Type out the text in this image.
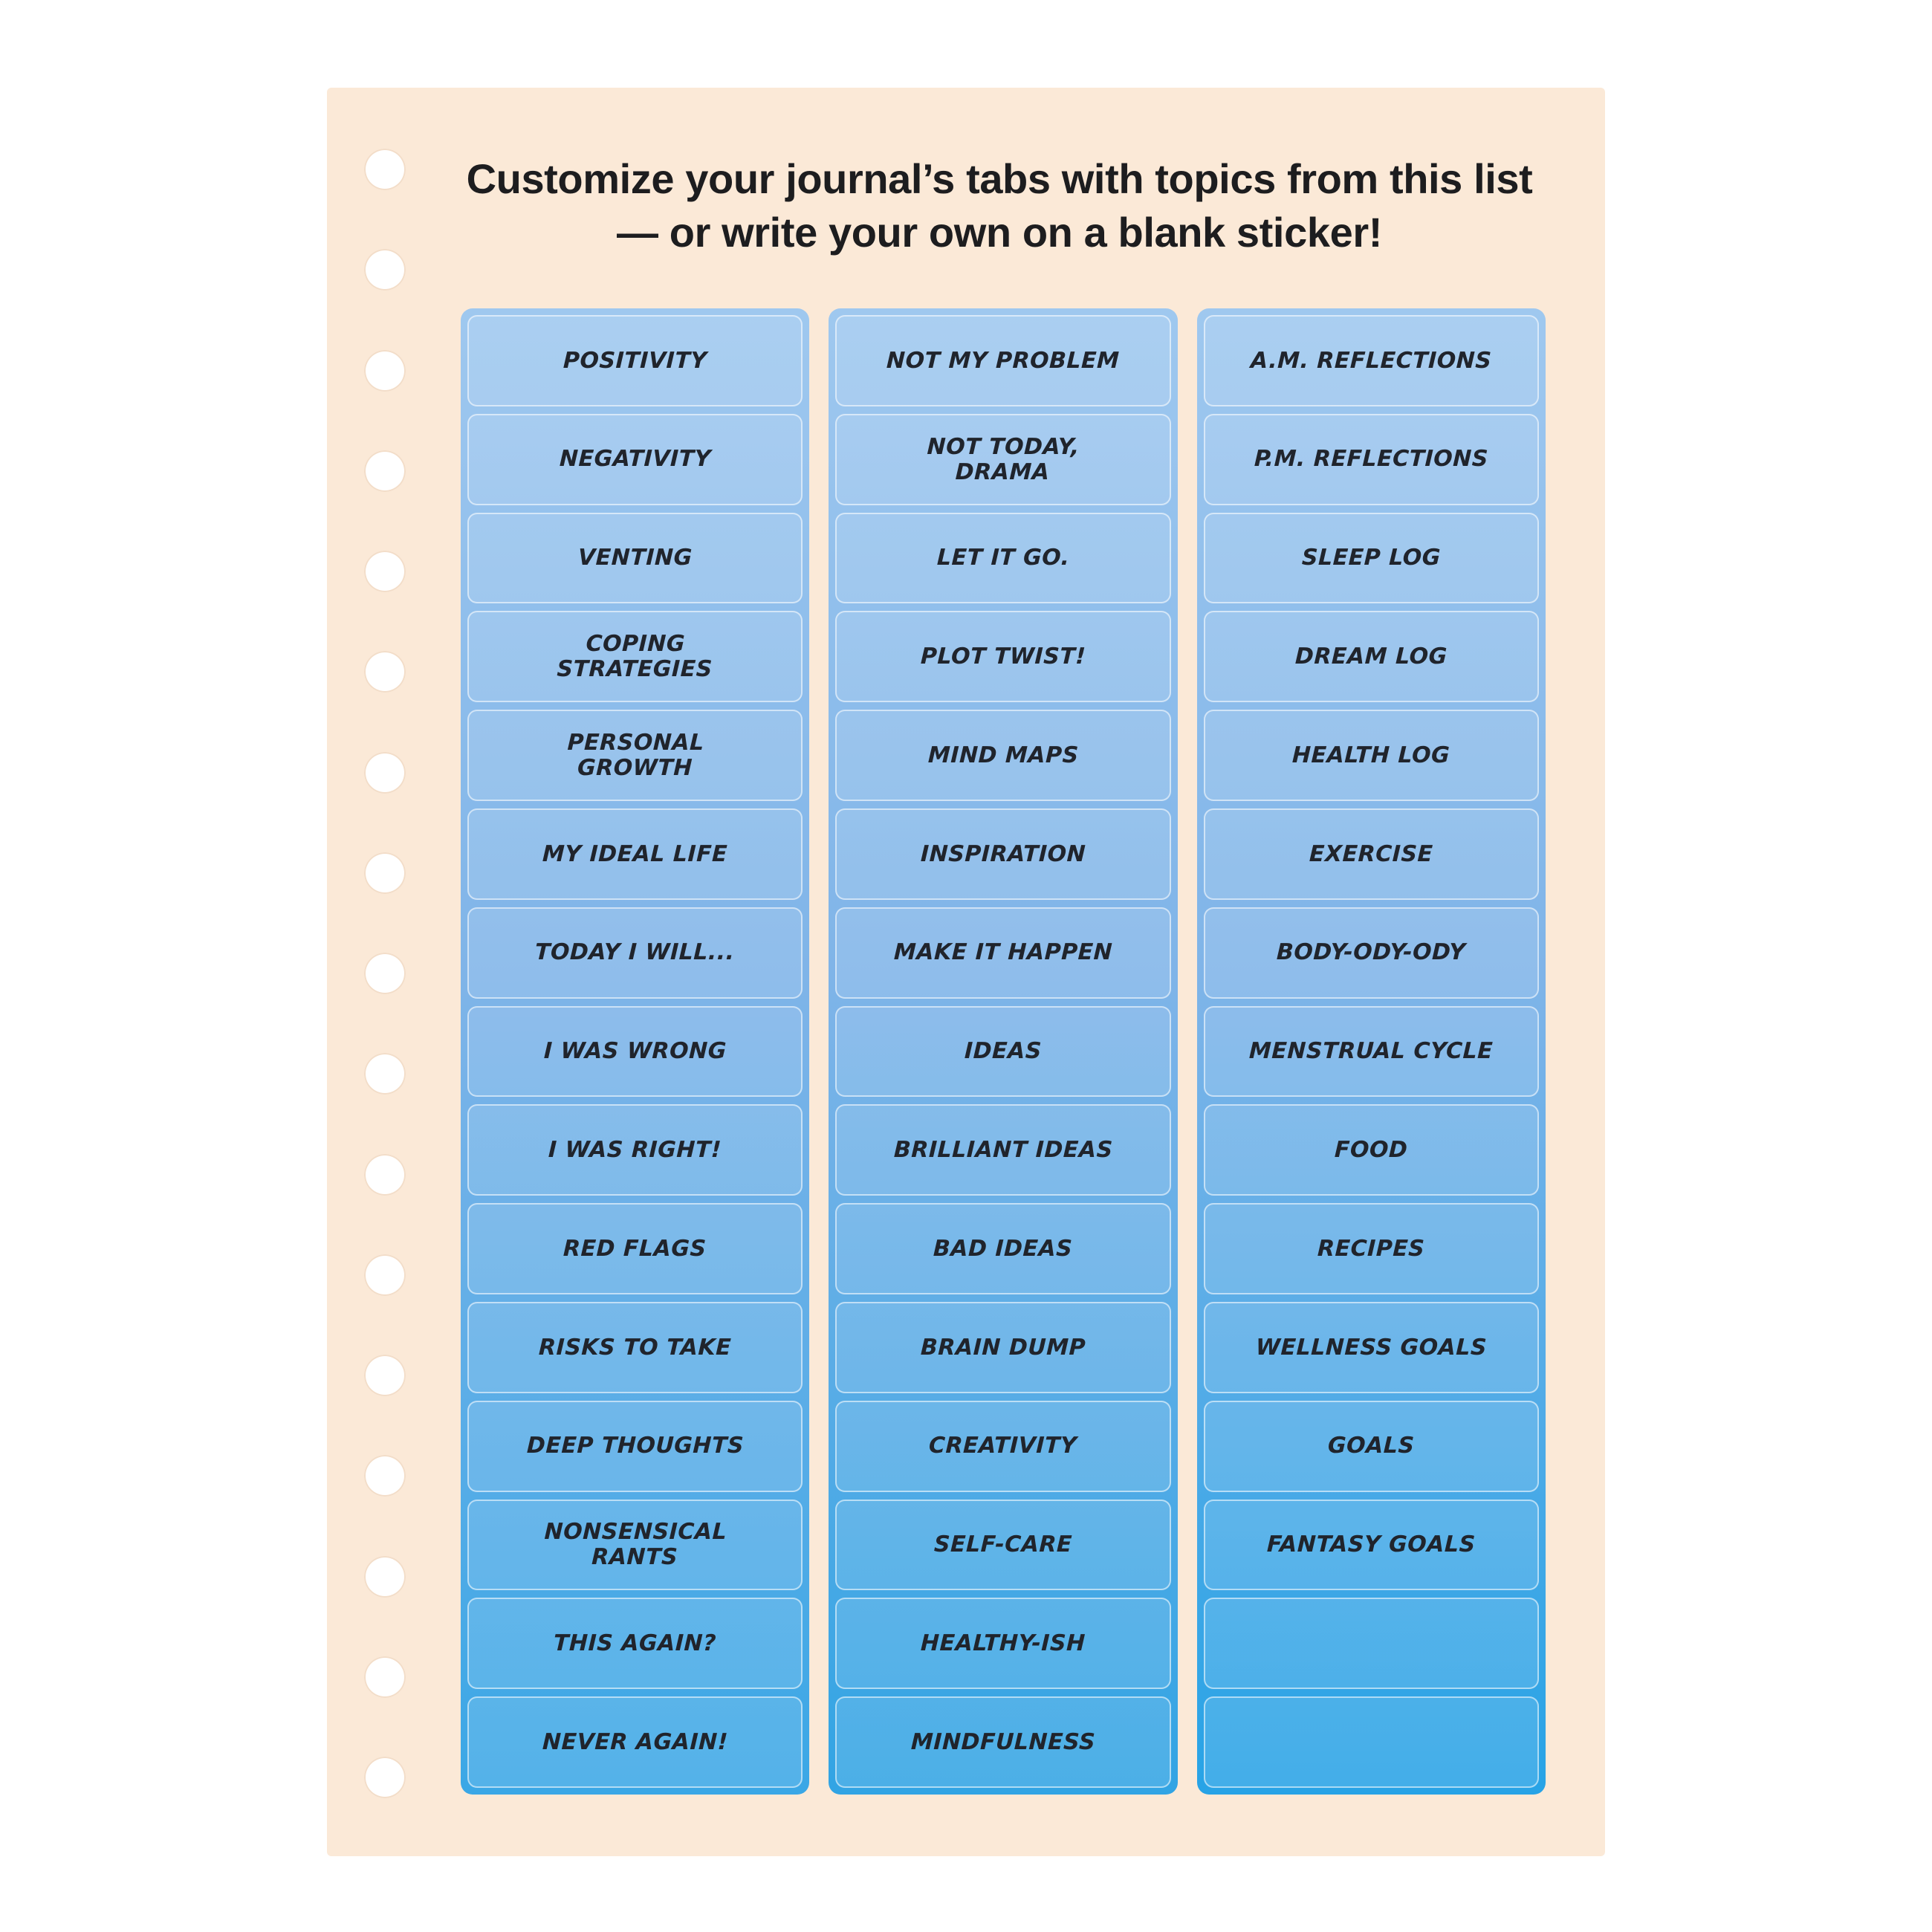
Customize your journal’s tabs with topics from this list — or write your own on a blank sticker!
POSITIVITY
NEGATIVITY
VENTING
COPING
STRATEGIES
PERSONAL
GROWTH
MY IDEAL LIFE
TODAY I WILL...
I WAS WRONG
I WAS RIGHT!
RED FLAGS
RISKS TO TAKE
DEEP THOUGHTS
NONSENSICAL
RANTS
THIS AGAIN?
NEVER AGAIN!
NOT MY PROBLEM
NOT TODAY,
DRAMA
LET IT GO.
PLOT TWIST!
MIND MAPS
INSPIRATION
MAKE IT HAPPEN
IDEAS
BRILLIANT IDEAS
BAD IDEAS
BRAIN DUMP
CREATIVITY
SELF-CARE
HEALTHY-ISH
MINDFULNESS
A.M. REFLECTIONS
P.M. REFLECTIONS
SLEEP LOG
DREAM LOG
HEALTH LOG
EXERCISE
BODY-ODY-ODY
MENSTRUAL CYCLE
FOOD
RECIPES
WELLNESS GOALS
GOALS
FANTASY GOALS
